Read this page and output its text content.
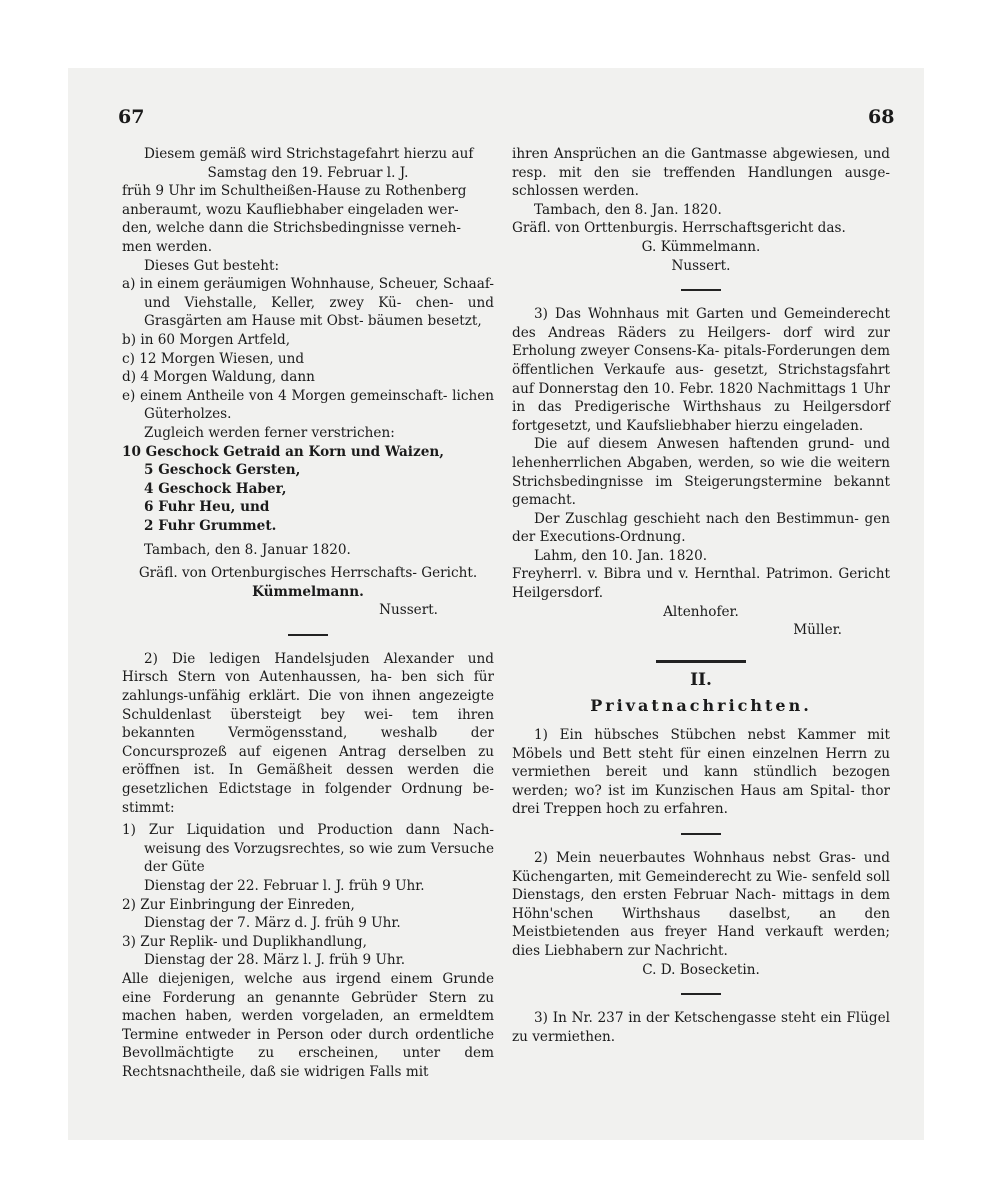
67	68

Diesem gemäß wird Strichstagefahrt hierzu auf

Samstag den 19. Februar l. J.

früh 9 Uhr im Schultheißen-Hause zu Rothenberg

anberaumt, wozu Kaufliebhaber eingeladen wer-

den, welche dann die Strichsbedingnisse verneh-

men werden.

Dieses Gut besteht:

a) in einem geräumigen Wohnhause, Scheuer, Schaaf- und Viehstalle, Keller, zwey Kü- chen- und Grasgärten am Hause mit Obst- bäumen besetzt,

b) in 60 Morgen Artfeld,

c) 12 Morgen Wiesen, und

d) 4 Morgen Waldung, dann

e) einem Antheile von 4 Morgen gemeinschaft- lichen Güterholzes.

Zugleich werden ferner verstrichen:

10 Geschock Getraid an Korn und Waizen,

5 Geschock Gersten,

4 Geschock Haber,

6 Fuhr Heu, und

2 Fuhr Grummet.

Tambach, den 8. Januar 1820.

Gräfl. von Ortenburgisches Herrschafts- Gericht.

Kümmelmann.

Nussert.

2) Die ledigen Handelsjuden Alexander und Hirsch Stern von Autenhaussen, ha- ben sich für zahlungs-unfähig erklärt. Die von ihnen angezeigte Schuldenlast übersteigt bey wei- tem ihren bekannten Vermögensstand, weshalb der Concursprozeß auf eigenen Antrag derselben zu eröffnen ist. In Gemäßheit dessen werden die gesetzlichen Edictstage in folgender Ordnung be- stimmt:

1) Zur Liquidation und Production dann Nach- weisung des Vorzugsrechtes, so wie zum Versuche der Güte

Dienstag der 22. Februar l. J. früh 9 Uhr.

2) Zur Einbringung der Einreden,

Dienstag der 7. März d. J. früh 9 Uhr.

3) Zur Replik- und Duplikhandlung,

Dienstag der 28. März l. J. früh 9 Uhr.

Alle diejenigen, welche aus irgend einem Grunde eine Forderung an genannte Gebrüder Stern zu machen haben, werden vorgeladen, an ermeldtem Termine entweder in Person oder durch ordentliche Bevollmächtigte zu erscheinen, unter dem Rechtsnachtheile, daß sie widrigen Falls mit

ihren Ansprüchen an die Gantmasse abgewiesen, und resp. mit den sie treffenden Handlungen ausge- schlossen werden.

Tambach, den 8. Jan. 1820.

Gräfl. von Orttenburgis. Herrschaftsgericht das.

G. Kümmelmann.

Nussert.

3) Das Wohnhaus mit Garten und Gemeinderecht des Andreas Räders zu Heilgers- dorf wird zur Erholung zweyer Consens-Ka- pitals-Forderungen dem öffentlichen Verkaufe aus- gesetzt, Strichstagsfahrt auf Donnerstag den 10. Febr. 1820 Nachmittags 1 Uhr in das Predigerische Wirthshaus zu Heilgersdorf fortgesetzt, und Kaufsliebhaber hierzu eingeladen.

Die auf diesem Anwesen haftenden grund- und lehenherrlichen Abgaben, werden, so wie die weitern Strichsbedingnisse im Steigerungstermine bekannt gemacht.

Der Zuschlag geschieht nach den Bestimmun- gen der Executions-Ordnung.

Lahm, den 10. Jan. 1820.

Freyherrl. v. Bibra und v. Hernthal. Patrimon. Gericht Heilgersdorf.

Altenhofer.

Müller.

II.

Privatnachrichten.

1) Ein hübsches Stübchen nebst Kammer mit Möbels und Bett steht für einen einzelnen Herrn zu vermiethen bereit und kann stündlich bezogen werden; wo? ist im Kunzischen Haus am Spital- thor drei Treppen hoch zu erfahren.

2) Mein neuerbautes Wohnhaus nebst Gras- und Küchengarten, mit Gemeinderecht zu Wie- senfeld soll Dienstags, den ersten Februar Nach- mittags in dem Höhn'schen Wirthshaus daselbst, an den Meistbietenden aus freyer Hand verkauft werden; dies Liebhabern zur Nachricht.

C. D. Bosecketin.

3) In Nr. 237 in der Ketschengasse steht ein Flügel zu vermiethen.
